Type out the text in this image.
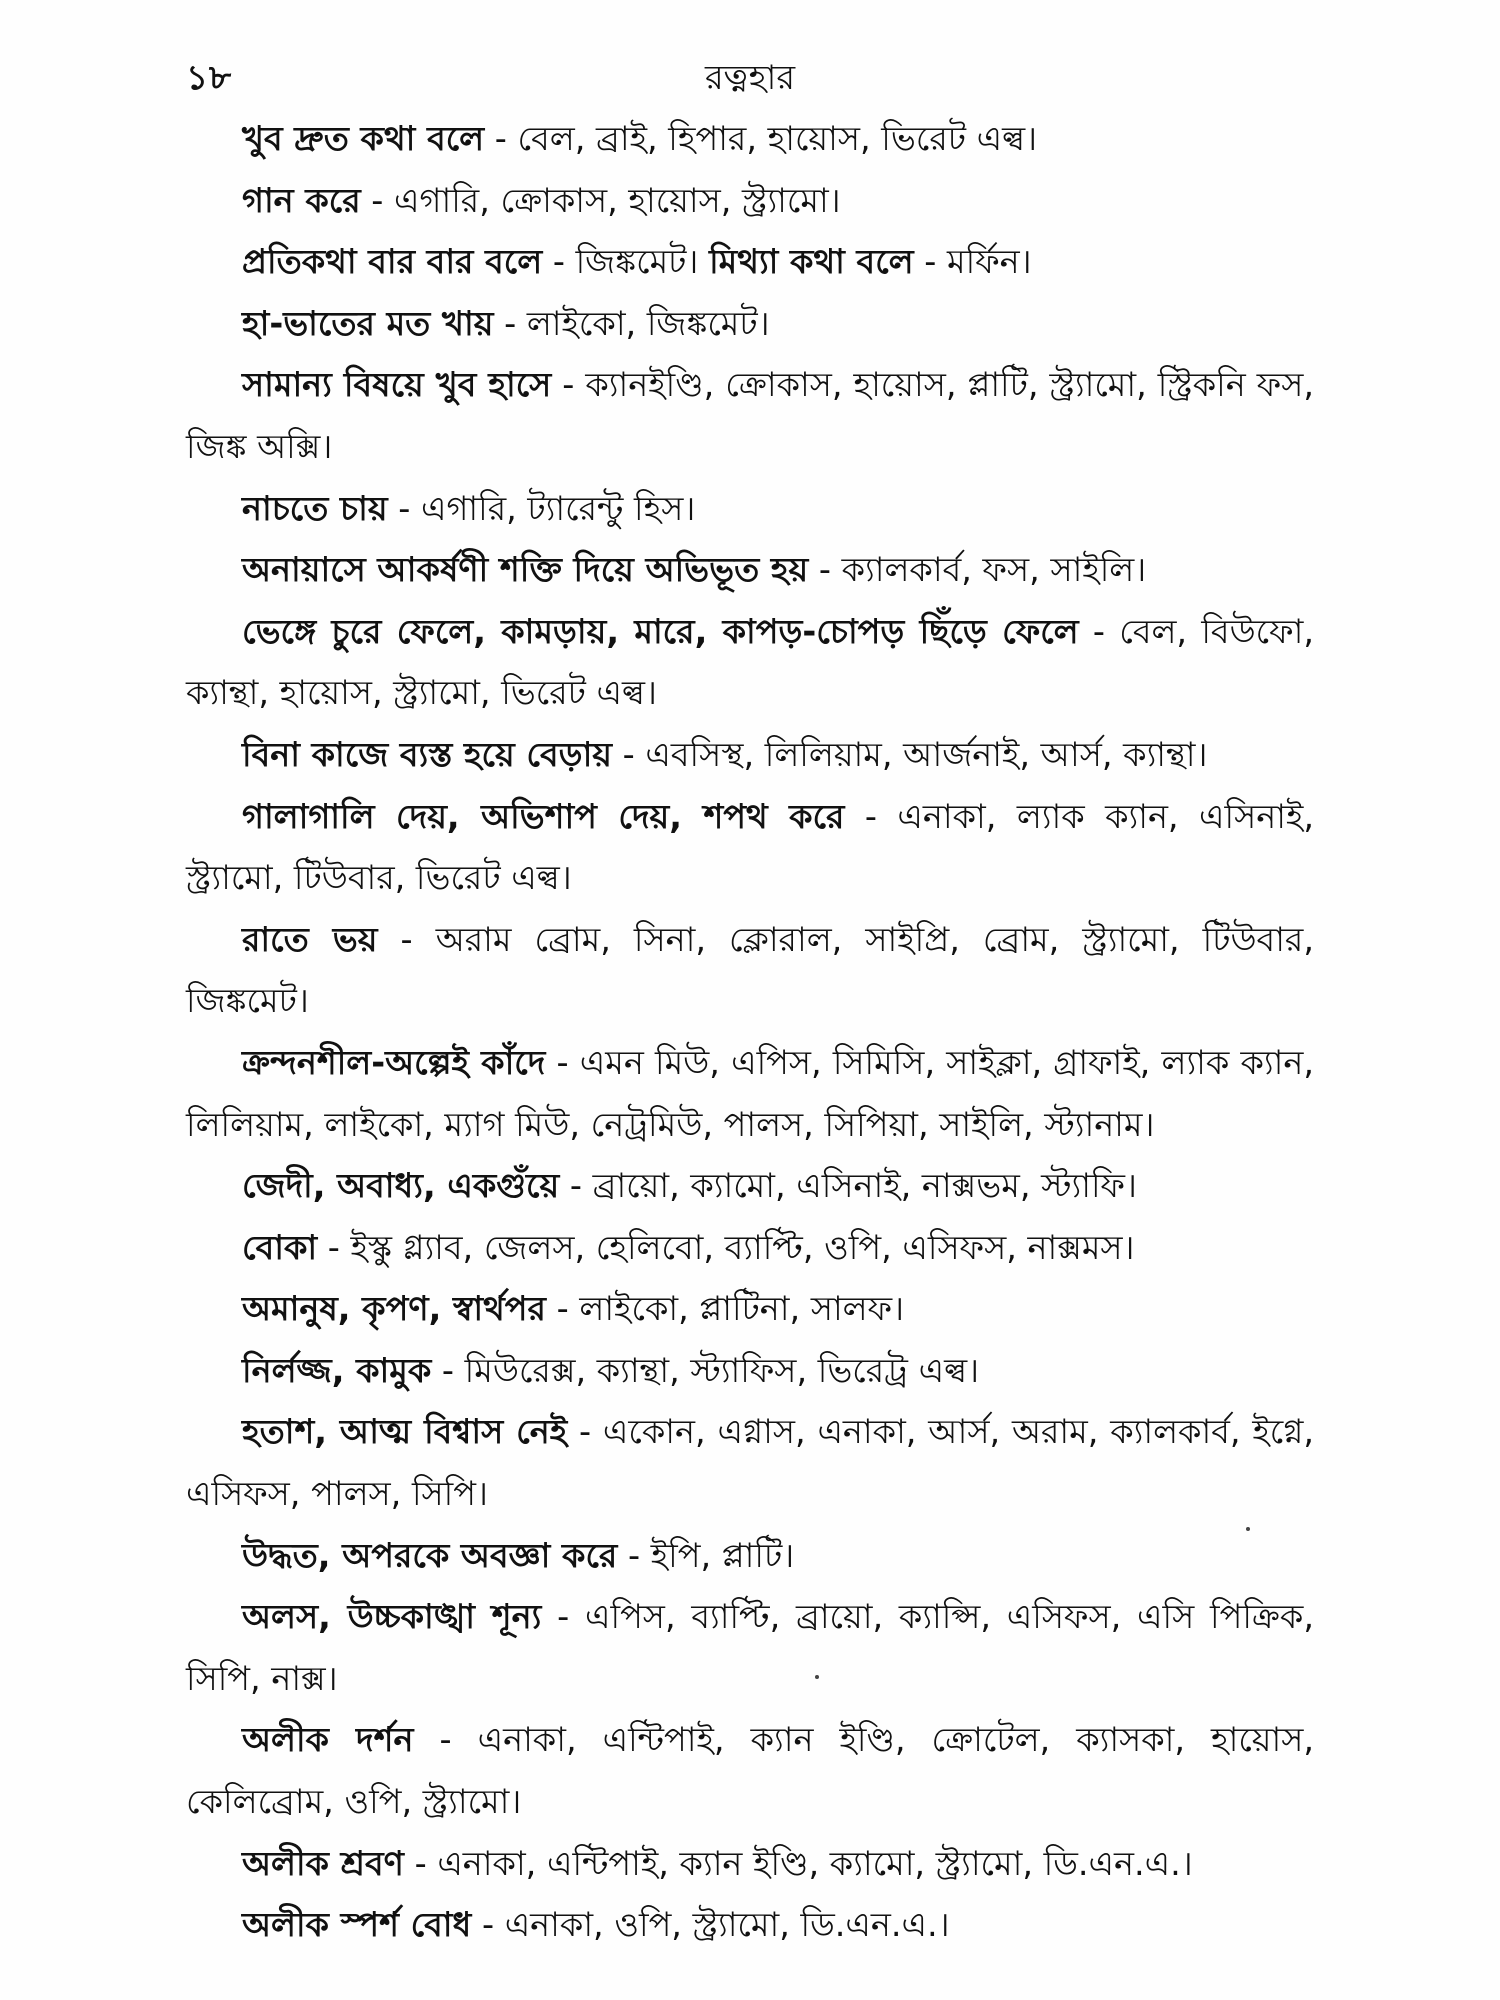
১৮	রত্নহার

খুব দ্রুত কথা বলে - বেল, ব্রাই, হিপার, হায়োস, ভিরেট এল্ব।

গান করে - এগারি, ক্রোকাস, হায়োস, স্ট্র্যামো।

প্রতিকথা বার বার বলে - জিঙ্কমেট। মিথ্যা কথা বলে - মর্ফিন।

হা-ভাতের মত খায় - লাইকো, জিঙ্কমেট।

সামান্য বিষয়ে খুব হাসে - ক্যানইণ্ডি, ক্রোকাস, হায়োস, প্লাটি, স্ট্র্যামো, স্ট্রিকনি ফস, জিঙ্ক অক্সি।

নাচতে চায় - এগারি, ট্যারেন্টু হিস।

অনায়াসে আকর্ষণী শক্তি দিয়ে অভিভূত হয় - ক্যালকার্ব, ফস, সাইলি।

ভেঙ্গে চুরে ফেলে, কামড়ায়, মারে, কাপড়-চোপড় ছিঁড়ে ফেলে - বেল, বিউফো, ক্যান্থা, হায়োস, স্ট্র্যামো, ভিরেট এল্ব।

বিনা কাজে ব্যস্ত হয়ে বেড়ায় - এবসিস্থ, লিলিয়াম, আর্জনাই, আর্স, ক্যান্থা।

গালাগালি দেয়, অভিশাপ দেয়, শপথ করে - এনাকা, ল্যাক ক্যান, এসিনাই, স্ট্র্যামো, টিউবার, ভিরেট এল্ব।

রাতে ভয় - অরাম ব্রোম, সিনা, ক্লোরাল, সাইপ্রি, ব্রোম, স্ট্র্যামো, টিউবার, জিঙ্কমেট।

ক্রন্দনশীল-অল্পেই কাঁদে - এমন মিউ, এপিস, সিমিসি, সাইক্লা, গ্রাফাই, ল্যাক ক্যান, লিলিয়াম, লাইকো, ম্যাগ মিউ, নেট্রমিউ, পালস, সিপিয়া, সাইলি, স্ট্যানাম।

জেদী, অবাধ্য, একগুঁয়ে - ব্রায়ো, ক্যামো, এসিনাই, নাক্সভম, স্ট্যাফি।

বোকা - ইস্কু গ্ল্যাব, জেলস, হেলিবো, ব্যাপ্টি, ওপি, এসিফস, নাক্সমস।

অমানুষ, কৃপণ, স্বার্থপর - লাইকো, প্লাটিনা, সালফ।

নির্লজ্জ, কামুক - মিউরেক্স, ক্যান্থা, স্ট্যাফিস, ভিরেট্র এল্ব।

হতাশ, আত্ম বিশ্বাস নেই - একোন, এগ্নাস, এনাকা, আর্স, অরাম, ক্যালকার্ব, ইগ্নে, এসিফস, পালস, সিপি।

উদ্ধত, অপরকে অবজ্ঞা করে - ইপি, প্লাটি।

অলস, উচ্চকাঙ্খা শূন্য - এপিস, ব্যাপ্টি, ব্রায়ো, ক্যাপ্সি, এসিফস, এসি পিক্রিক, সিপি, নাক্স।

অলীক দর্শন - এনাকা, এন্টিপাই, ক্যান ইণ্ডি, ক্রোটেল, ক্যাসকা, হায়োস, কেলিব্রোম, ওপি, স্ট্র্যামো।

অলীক শ্রবণ - এনাকা, এন্টিপাই, ক্যান ইণ্ডি, ক্যামো, স্ট্র্যামো, ডি.এন.এ.।

অলীক স্পর্শ বোধ - এনাকা, ওপি, স্ট্র্যামো, ডি.এন.এ.।
